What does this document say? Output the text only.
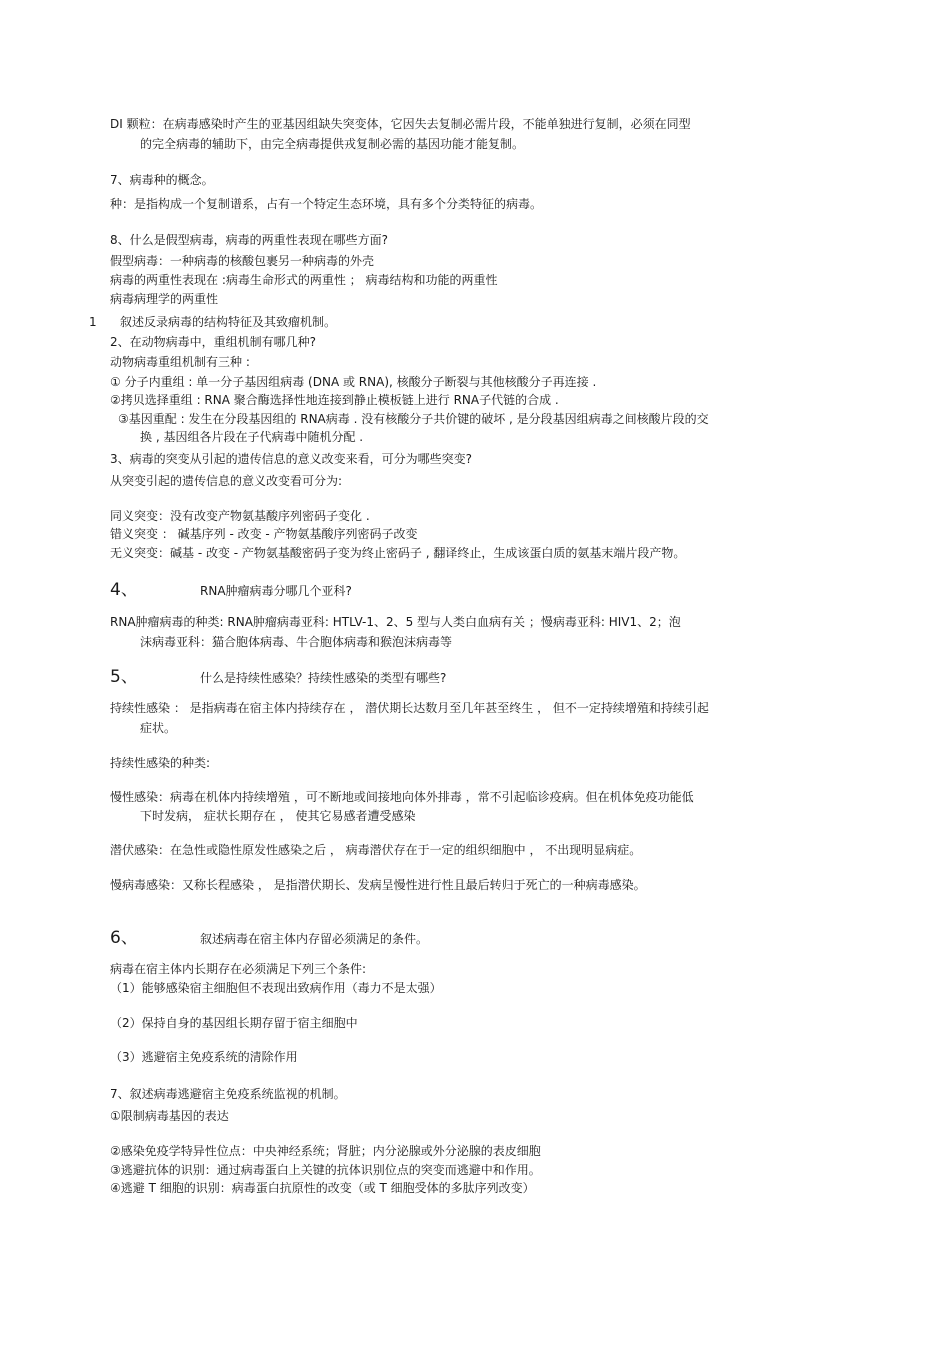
DI 颗粒：在病毒感染时产生的亚基因组缺失突变体，它因失去复制必需片段，不能单独进行复制，必须在同型

的完全病毒的辅助下，由完全病毒提供戎复制必需的基因功能才能复制。

7、病毒种的概念。

种：是指构成一个复制谱系，占有一个特定生态环境，具有多个分类特征的病毒。

8、什么是假型病毒，病毒的两重性表现在哪些方面?

假型病毒：一种病毒的核酸包裹另一种病毒的外壳

病毒的两重性表现在 :病毒生命形式的两重性 ； 病毒结构和功能的两重性

病毒病理学的两重性

1 叙述反录病毒的结构特征及其致瘤机制。

2、在动物病毒中，重组机制有哪几种?

动物病毒重组机制有三种 :

① 分子内重组 : 单一分子基因组病毒 (DNA 或 RNA), 核酸分子断裂与其他核酸分子再连接 .

②拷贝选择重组 : RNA 聚合酶选择性地连接到静止模板链上进行 RNA子代链的合成 .

③基因重配 : 发生在分段基因组的 RNA病毒 . 没有核酸分子共价键的破坏 , 是分段基因组病毒之间核酸片段的交

换 , 基因组各片段在子代病毒中随机分配 .

3、病毒的突变从引起的遗传信息的意义改变来看，可分为哪些突变?

从突变引起的遗传信息的意义改变看可分为:

同义突变：没有改变产物氨基酸序列密码子变化 .

错义突变 ： 碱基序列 - 改变 - 产物氨基酸序列密码子改变

无义突变：碱基 - 改变 - 产物氨基酸密码子变为终止密码子 , 翻译终止，生成该蛋白质的氨基末端片段产物。

4、	RNA肿瘤病毒分哪几个亚科?

RNA肿瘤病毒的种类: RNA肿瘤病毒亚科: HTLV-1、2、5 型与人类白血病有关 ；慢病毒亚科: HIV1、2；泡

沫病毒亚科：猫合胞体病毒、牛合胞体病毒和猴泡沫病毒等

5、	什么是持续性感染？持续性感染的类型有哪些?

持续性感染 ： 是指病毒在宿主体内持续存在 ， 潜伏期长达数月至几年甚至终生 ， 但不一定持续增殖和持续引起

症状。

持续性感染的种类:

慢性感染：病毒在机体内持续增殖 ，可不断地或间接地向体外排毒 ，常不引起临诊疫病。但在机体免疫功能低

下时发病， 症状长期存在 ， 使其它易感者遭受感染

潜伏感染：在急性或隐性原发性感染之后 ， 病毒潜伏存在于一定的组织细胞中 ， 不出现明显病症。

慢病毒感染：又称长程感染 ， 是指潜伏期长、发病呈慢性进行性且最后转归于死亡的一种病毒感染。

6、	叙述病毒在宿主体内存留必须满足的条件。

病毒在宿主体内长期存在必须满足下列三个条件:

（1）能够感染宿主细胞但不表现出致病作用（毒力不是太强）

（2）保持自身的基因组长期存留于宿主细胞中

（3）逃避宿主免疫系统的清除作用

7、叙述病毒逃避宿主免疫系统监视的机制。

①限制病毒基因的表达

②感染免疫学特异性位点：中央神经系统；肾脏；内分泌腺或外分泌腺的表皮细胞

③逃避抗体的识别：通过病毒蛋白上关键的抗体识别位点的突变而逃避中和作用。

④逃避 T 细胞的识别：病毒蛋白抗原性的改变（或 T 细胞受体的多肽序列改变）
